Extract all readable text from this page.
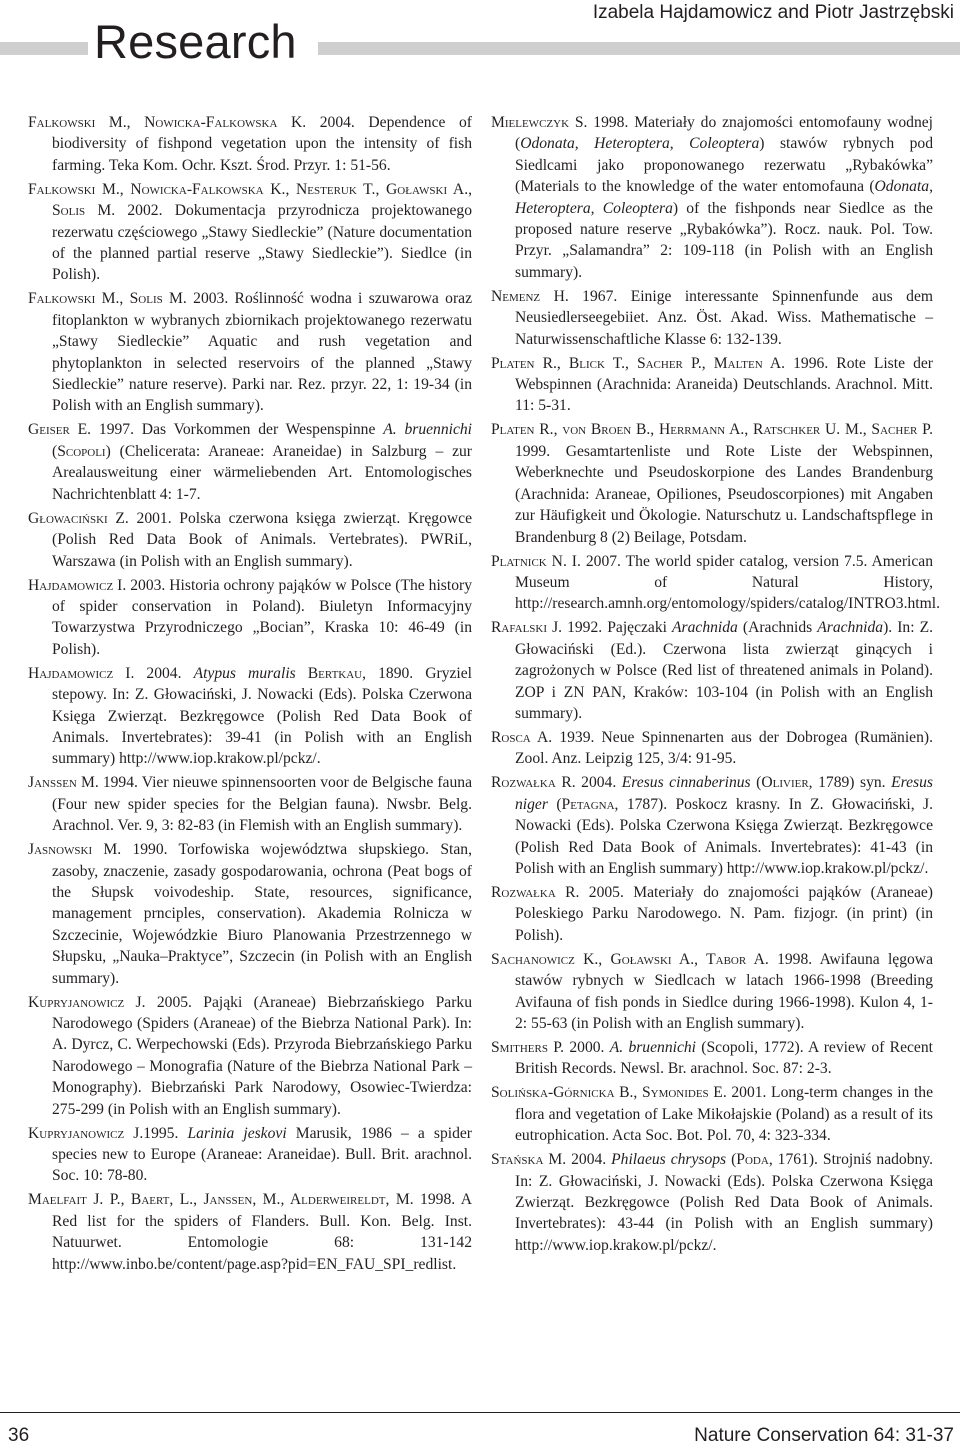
Research
Izabela Hajdamowicz and Piotr Jastrzębski

Falkowski M., Nowicka-Falkowska K. 2004. Dependence of biodiversity of fishpond vegetation upon the intensity of fish farming. Teka Kom. Ochr. Kszt. Środ. Przyr. 1: 51-56.

Falkowski M., Nowicka-Falkowska K., Nesteruk T., Goławski A., Solis M. 2002. Dokumentacja przyrodnicza projektowanego rezerwatu częściowego „Stawy Siedleckie” (Nature documentation of the planned partial reserve „Stawy Siedleckie”). Siedlce (in Polish).

Falkowski M., Solis M. 2003. Roślinność wodna i szuwarowa oraz fitoplankton w wybranych zbiornikach projektowanego rezerwatu „Stawy Siedleckie” Aquatic and rush vegetation and phytoplankton in selected reservoirs of the planned „Stawy Siedleckie” nature reserve). Parki nar. Rez. przyr. 22, 1: 19-34 (in Polish with an English summary).

Geiser E. 1997. Das Vorkommen der Wespenspinne A. bruennichi (Scopoli) (Chelicerata: Araneae: Araneidae) in Salzburg – zur Arealausweitung einer wärmeliebenden Art. Entomologisches Nachrichtenblatt 4: 1-7.

Głowaciński Z. 2001. Polska czerwona księga zwierząt. Kręgowce (Polish Red Data Book of Animals. Vertebrates). PWRiL, Warszawa (in Polish with an English summary).

Hajdamowicz I. 2003. Historia ochrony pająków w Polsce (The history of spider conservation in Poland). Biuletyn Informacyjny Towarzystwa Przyrodniczego „Bocian”, Kraska 10: 46-49 (in Polish).

Hajdamowicz I. 2004. Atypus muralis Bertkau, 1890. Gryziel stepowy. In: Z. Głowaciński, J. Nowacki (Eds). Polska Czerwona Księga Zwierząt. Bezkręgowce (Polish Red Data Book of Animals. Invertebrates): 39-41 (in Polish with an English summary) http://www.iop.krakow.pl/pckz/.

Janssen M. 1994. Vier nieuwe spinnensoorten voor de Belgische fauna (Four new spider species for the Belgian fauna). Nwsbr. Belg. Arachnol. Ver. 9, 3: 82-83 (in Flemish with an English summary).

Jasnowski M. 1990. Torfowiska województwa słupskiego. Stan, zasoby, znaczenie, zasady gospodarowania, ochrona (Peat bogs of the Słupsk voivodeship. State, resources, significance, management prnciples, conservation). Akademia Rolnicza w Szczecinie, Wojewódzkie Biuro Planowania Przestrzennego w Słupsku, „Nauka–Praktyce”, Szczecin (in Polish with an English summary).

Kupryjanowicz J. 2005. Pająki (Araneae) Biebrzańskiego Parku Narodowego (Spiders (Araneae) of the Biebrza National Park). In: A. Dyrcz, C. Werpechowski (Eds). Przyroda Biebrzańskiego Parku Narodowego – Monografia (Nature of the Biebrza National Park – Monography). Biebrzański Park Narodowy, Osowiec-Twierdza: 275-299 (in Polish with an English summary).

Kupryjanowicz J.1995. Larinia jeskovi Marusik, 1986 – a spider species new to Europe (Araneae: Araneidae). Bull. Brit. arachnol. Soc. 10: 78-80.

Maelfait J. P., Baert, L., Janssen, M., Alderweireldt, M. 1998. A Red list for the spiders of Flanders. Bull. Kon. Belg. Inst. Natuurwet. Entomologie 68: 131-142 http://www.inbo.be/content/page.asp?pid=EN_FAU_SPI_redlist.

Mielewczyk S. 1998. Materiały do znajomości entomofauny wodnej (Odonata, Heteroptera, Coleoptera) stawów rybnych pod Siedlcami jako proponowanego rezerwatu „Rybakówka” (Materials to the knowledge of the water entomofauna (Odonata, Heteroptera, Coleoptera) of the fishponds near Siedlce as the proposed nature reserve „Rybakówka”). Rocz. nauk. Pol. Tow. Przyr. „Salamandra” 2: 109-118 (in Polish with an English summary).

Nemenz H. 1967. Einige interessante Spinnenfunde aus dem Neusiedlerseegebiiet. Anz. Öst. Akad. Wiss. Mathematische – Naturwissenschaftliche Klasse 6: 132-139.

Platen R., Blick T., Sacher P., Malten A. 1996. Rote Liste der Webspinnen (Arachnida: Araneida) Deutschlands. Arachnol. Mitt. 11: 5-31.

Platen R., von Broen B., Herrmann A., Ratschker U. M., Sacher P. 1999. Gesamtartenliste und Rote Liste der Webspinnen, Weberknechte und Pseudoskorpione des Landes Brandenburg (Arachnida: Araneae, Opiliones, Pseudoscorpiones) mit Angaben zur Häufigkeit und Ökologie. Naturschutz u. Landschaftspflege in Brandenburg 8 (2) Beilage, Potsdam.

Platnick N. I. 2007. The world spider catalog, version 7.5. American Museum of Natural History, http://research.amnh.org/entomology/spiders/catalog/INTRO3.html.

Rafalski J. 1992. Pajęczaki Arachnida (Arachnids Arachnida). In: Z. Głowaciński (Ed.). Czerwona lista zwierząt ginących i zagrożonych w Polsce (Red list of threatened animals in Poland). ZOP i ZN PAN, Kraków: 103-104 (in Polish with an English summary).

Rosca A. 1939. Neue Spinnenarten aus der Dobrogea (Rumänien). Zool. Anz. Leipzig 125, 3/4: 91-95.

Rozwałka R. 2004. Eresus cinnaberinus (Olivier, 1789) syn. Eresus niger (Petagna, 1787). Poskocz krasny. In Z. Głowaciński, J. Nowacki (Eds). Polska Czerwona Księga Zwierząt. Bezkręgowce (Polish Red Data Book of Animals. Invertebrates): 41-43 (in Polish with an English summary) http://www.iop.krakow.pl/pckz/.

Rozwałka R. 2005. Materiały do znajomości pająków (Araneae) Poleskiego Parku Narodowego. N. Pam. fizjogr. (in print) (in Polish).

Sachanowicz K., Goławski A., Tabor A. 1998. Awifauna lęgowa stawów rybnych w Siedlcach w latach 1966-1998 (Breeding Avifauna of fish ponds in Siedlce during 1966-1998). Kulon 4, 1-2: 55-63 (in Polish with an English summary).

Smithers P. 2000. A. bruennichi (Scopoli, 1772). A review of Recent British Records. Newsl. Br. arachnol. Soc. 87: 2-3.

Solińska-Górnicka B., Symonides E. 2001. Long-term changes in the flora and vegetation of Lake Mikołajskie (Poland) as a result of its eutrophication. Acta Soc. Bot. Pol. 70, 4: 323-334.

Stańska M. 2004. Philaeus chrysops (Poda, 1761). Strojniś nadobny. In: Z. Głowaciński, J. Nowacki (Eds). Polska Czerwona Księga Zwierząt. Bezkręgowce (Polish Red Data Book of Animals. Invertebrates): 43-44 (in Polish with an English summary) http://www.iop.krakow.pl/pckz/.

36	Nature Conservation 64: 31-37
